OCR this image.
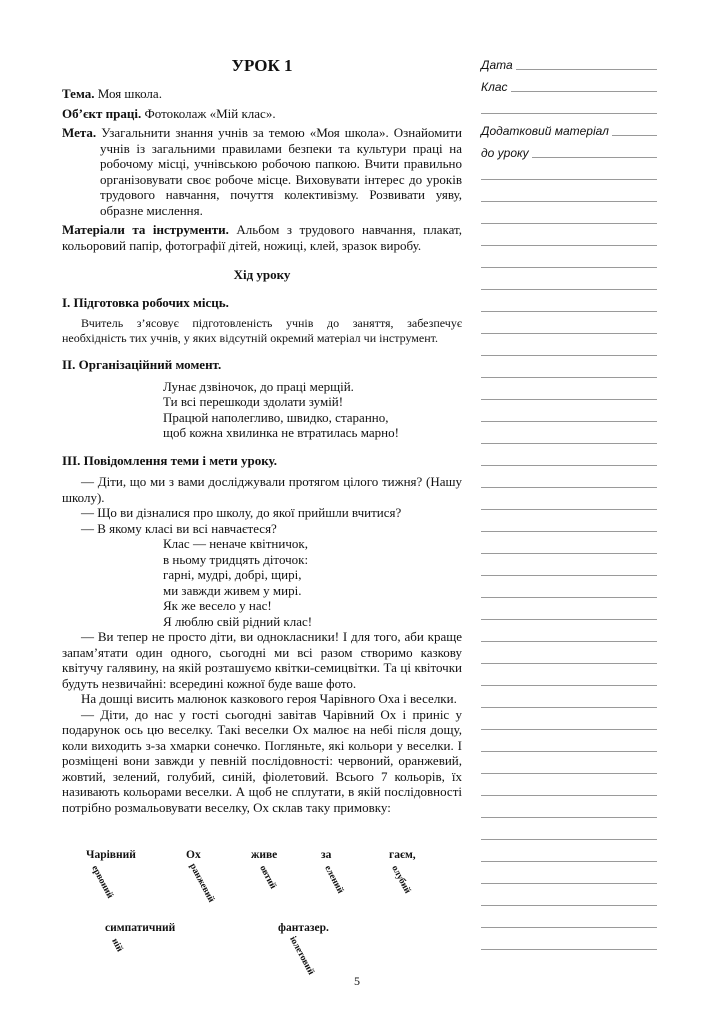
УРОК 1
Тема. Моя школа.
Об’єкт праці. Фотоколаж «Мій клас».
Мета. Узагальнити знання учнів за темою «Моя школа». Ознайомити учнів із загальними правилами безпеки та культури праці на робочому місці, учнівською робочою папкою. Вчити правильно організовувати своє робоче місце. Виховувати інтерес до уроків трудового навчання, почуття колективізму. Розвивати уяву, образне мислення.
Матеріали та інструменти. Альбом з трудового навчання, плакат, кольоровий папір, фотографії дітей, ножиці, клей, зразок виробу.
Хід уроку
І. Підготовка робочих місць.

Вчитель з’ясовує підготовленість учнів до заняття, забезпечує необхідність тих учнів, у яких відсутній окремий матеріал чи інструмент.

ІІ. Організаційний момент.
Лунає дзвіночок, до праці мерщій.
Ти всі перешкоди здолати зумій!
Працюй наполегливо, швидко, старанно,
щоб кожна хвилинка не втратилась марно!
ІІІ. Повідомлення теми і мети уроку.

— Діти, що ми з вами досліджували протягом цілого тижня? (Нашу школу).

— Що ви дізналися про школу, до якої прийшли вчитися?

— В якому класі ви всі навчаєтеся?

Клас — неначе квітничок,
в ньому тридцять діточок:
гарні, мудрі, добрі, щирі,
ми завжди живем у мирі.
Як же весело у нас!
Я люблю свій рідний клас!

— Ви тепер не просто діти, ви однокласники! І для того, аби краще запам’ятати один одного, сьогодні ми всі разом створимо казкову квітучу галявину, на якій розташуємо квітки-семицвітки. Та ці квіточки будуть незвичайні: всередині кожної буде ваше фото.

На дошці висить малюнок казкового героя Чарівного Оха і веселки.

— Діти, до нас у гості сьогодні завітав Чарівний Ох і приніс у подарунок ось цю веселку. Такі веселки Ох малює на небі після дощу, коли виходить з-за хмарки сонечко. Погляньте, які кольори у веселки. І розміщені вони завжди у певній послідовності: червоний, оранжевий, жовтий, зелений, голубий, синій, фіолетовий. Всього 7 кольорів, їх називають кольорами веселки. А щоб не сплутати, в якій послідовності потрібно розмальовувати веселку, Ох склав таку примовку:

Чарівний	Ох	живе	за	гаєм,
симпатичний	фантазер.
ервоний	ранжевий	овтий	елений	олубий
ній	іолетовий
5
Дата
Клас
Додатковий матеріал
до уроку
